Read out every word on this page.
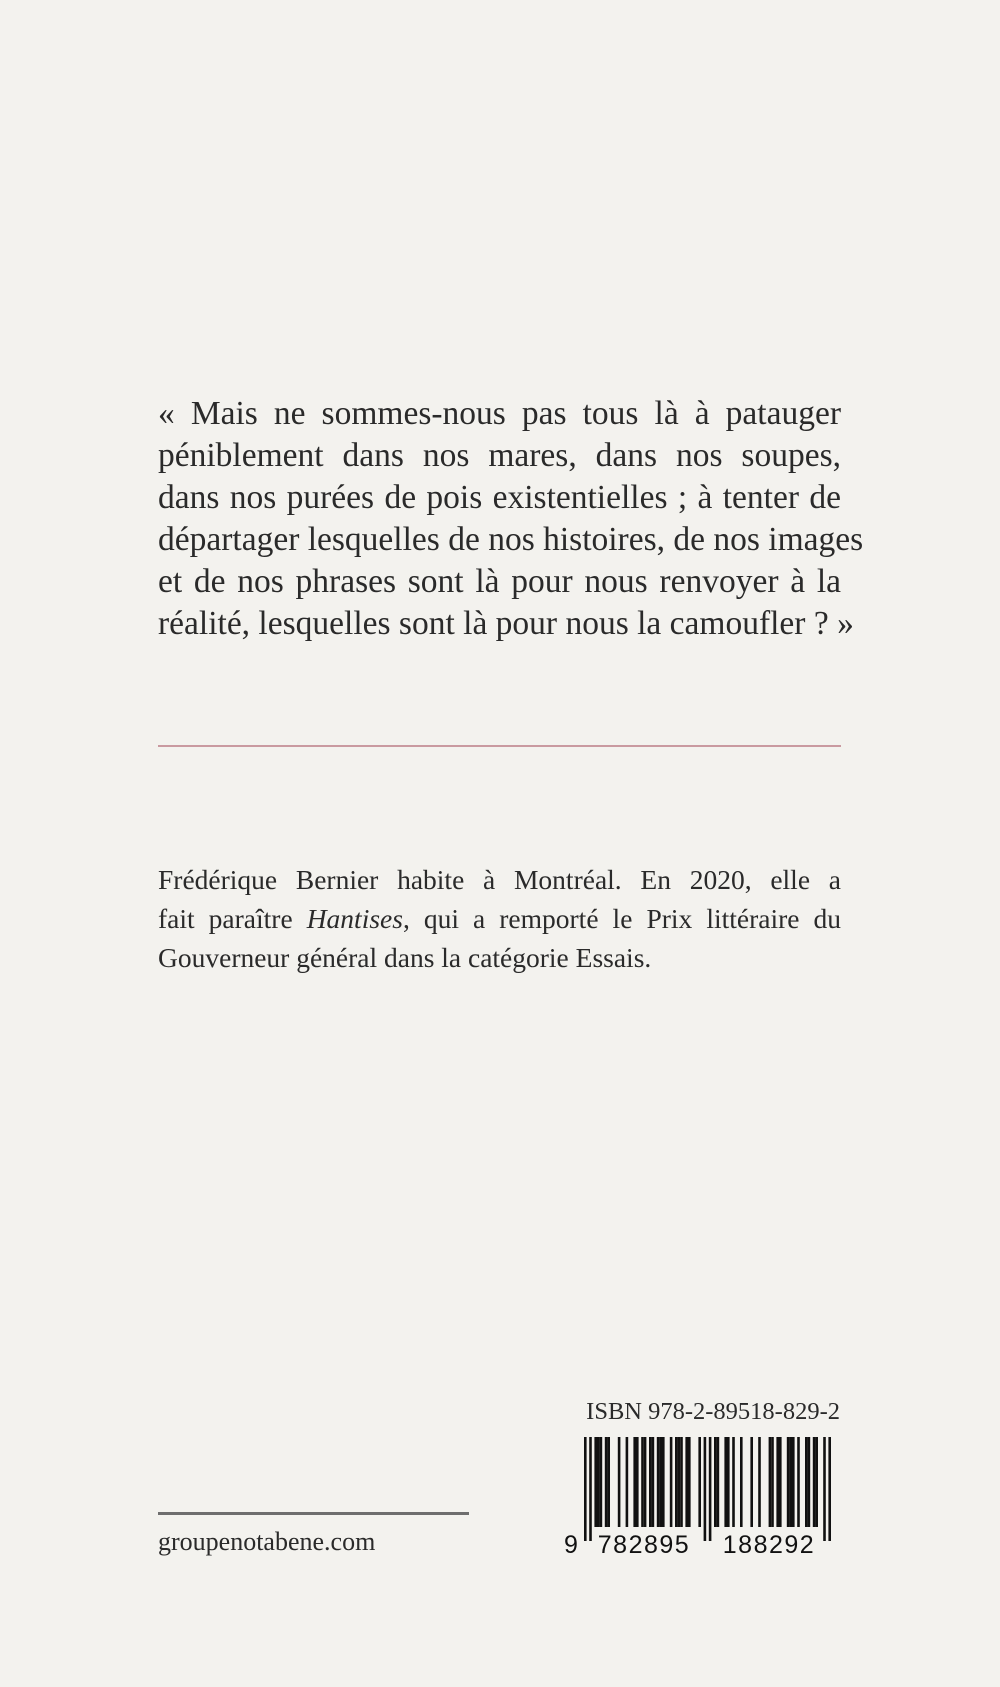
« Mais ne sommes-nous pas tous là à patauger
péniblement dans nos mares, dans nos soupes,
dans nos purées de pois existentielles ; à tenter de
départager lesquelles de nos histoires, de nos images
et de nos phrases sont là pour nous renvoyer à la
réalité, lesquelles sont là pour nous la camoufler ? »
Frédérique Bernier habite à Montréal. En 2020, elle a
fait paraître Hantises, qui a remporté le Prix littéraire du
Gouverneur général dans la catégorie Essais.
ISBN 978-2-89518-829-2
9 782895 188292
groupenotabene.com
